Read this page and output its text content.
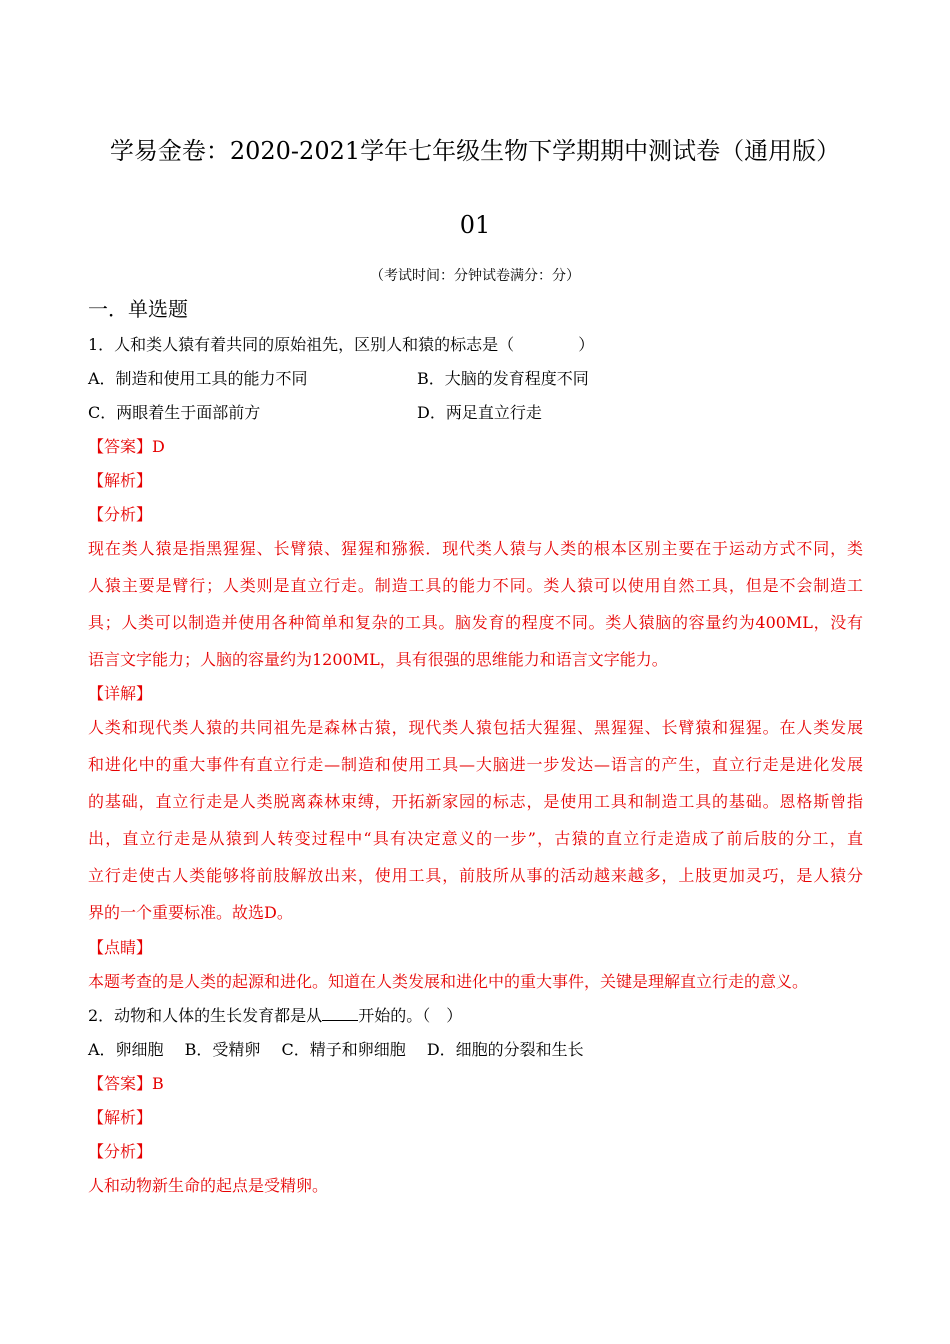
学易金卷：2020-2021学年七年级生物下学期期中测试卷（通用版）
01
（考试时间：分钟试卷满分：分）
一．单选题
1．人和类人猿有着共同的原始祖先，区别人和猿的标志是（	）
A．制造和使用工具的能力不同	B．大脑的发育程度不同
C．两眼着生于面部前方	D．两足直立行走
【答案】D
【解析】
【分析】
现在类人猿是指黑猩猩、长臂猿、猩猩和猕猴．现代类人猿与人类的根本区别主要在于运动方式不同，类
人猿主要是臂行；人类则是直立行走。制造工具的能力不同。类人猿可以使用自然工具，但是不会制造工
具；人类可以制造并使用各种简单和复杂的工具。脑发育的程度不同。类人猿脑的容量约为400ML，没有
语言文字能力；人脑的容量约为1200ML，具有很强的思维能力和语言文字能力。
【详解】
人类和现代类人猿的共同祖先是森林古猿，现代类人猿包括大猩猩、黑猩猩、长臂猿和猩猩。在人类发展
和进化中的重大事件有直立行走—制造和使用工具—大脑进一步发达—语言的产生，直立行走是进化发展
的基础，直立行走是人类脱离森林束缚，开拓新家园的标志，是使用工具和制造工具的基础。恩格斯曾指
出，直立行走是从猿到人转变过程中“具有决定意义的一步”，古猿的直立行走造成了前后肢的分工，直
立行走使古人类能够将前肢解放出来，使用工具，前肢所从事的活动越来越多，上肢更加灵巧，是人猿分
界的一个重要标准。故选D。
【点睛】
本题考查的是人类的起源和进化。知道在人类发展和进化中的重大事件，关键是理解直立行走的意义。
2．动物和人体的生长发育都是从 开始的。（　）
A．卵细胞　 B．受精卵　 C．精子和卵细胞　 D．细胞的分裂和生长
【答案】B
【解析】
【分析】
人和动物新生命的起点是受精卵。
